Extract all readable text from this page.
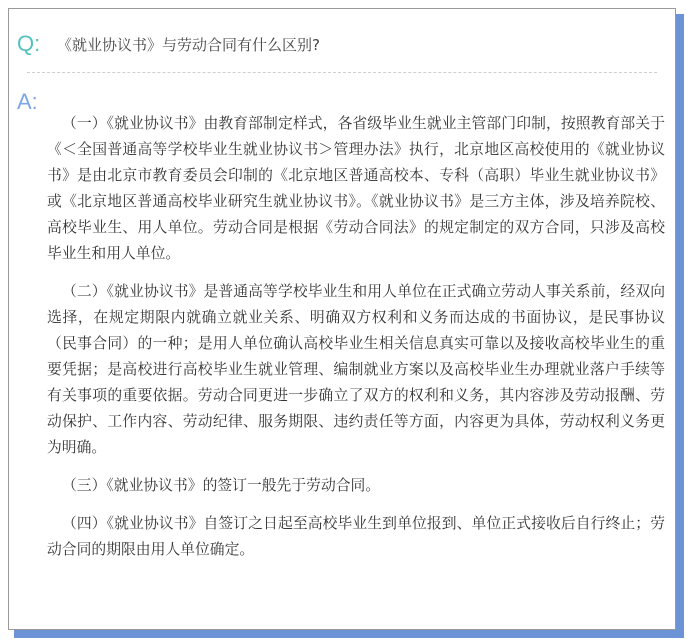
Q: 《就业协议书》与劳动合同有什么区别?
A:

（一）《就业协议书》由教育部制定样式，各省级毕业生就业主管部门印制，按照教育部关于《＜全国普通高等学校毕业生就业协议书＞管理办法》执行，北京地区高校使用的《就业协议书》是由北京市教育委员会印制的《北京地区普通高校本、专科（高职）毕业生就业协议书》或《北京地区普通高校毕业研究生就业协议书》。《就业协议书》是三方主体，涉及培养院校、高校毕业生、用人单位。劳动合同是根据《劳动合同法》的规定制定的双方合同，只涉及高校毕业生和用人单位。

（二）《就业协议书》是普通高等学校毕业生和用人单位在正式确立劳动人事关系前，经双向选择，在规定期限内就确立就业关系、明确双方权利和义务而达成的书面协议，是民事协议（民事合同）的一种；是用人单位确认高校毕业生相关信息真实可靠以及接收高校毕业生的重要凭据；是高校进行高校毕业生就业管理、编制就业方案以及高校毕业生办理就业落户手续等有关事项的重要依据。劳动合同更进一步确立了双方的权利和义务，其内容涉及劳动报酬、劳动保护、工作内容、劳动纪律、服务期限、违约责任等方面，内容更为具体，劳动权利义务更为明确。

（三）《就业协议书》的签订一般先于劳动合同。

（四）《就业协议书》自签订之日起至高校毕业生到单位报到、单位正式接收后自行终止；劳动合同的期限由用人单位确定。
